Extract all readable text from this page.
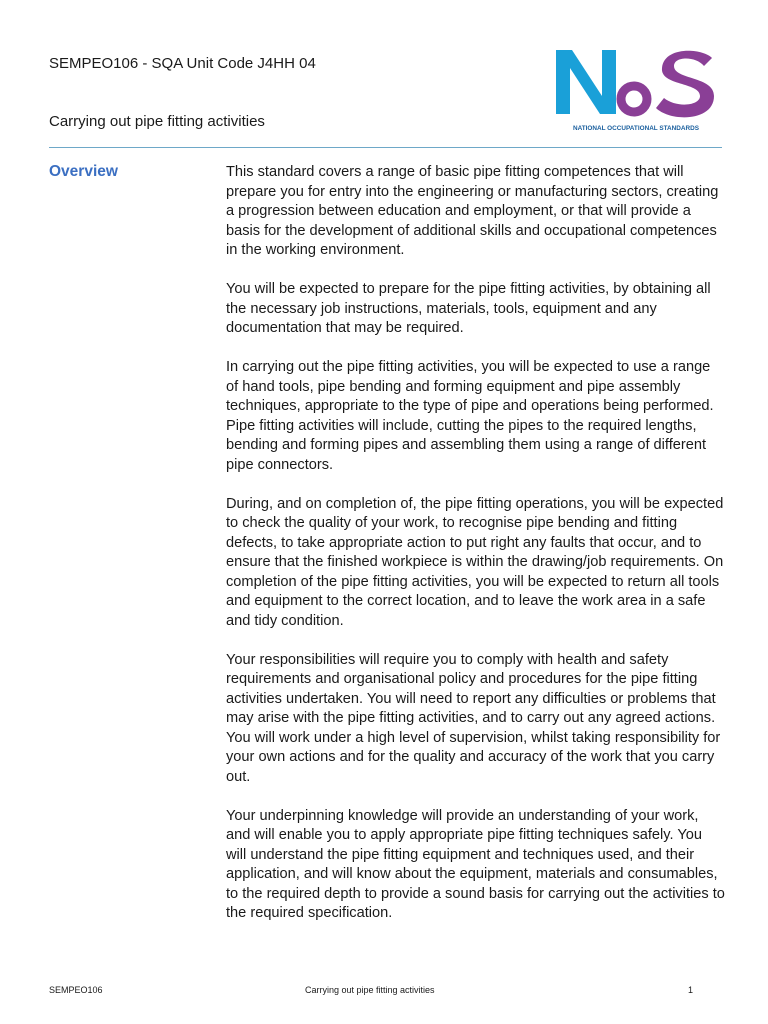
SEMPEO106 - SQA Unit Code J4HH 04
Carrying out pipe fitting activities	NATIONAL OCCUPATIONAL STANDARDS
Overview	This standard covers a range of basic pipe fitting competences that will prepare you for entry into the engineering or manufacturing sectors, creating a progression between education and employment, or that will provide a basis for the development of additional skills and occupational competences in the working environment.

You will be expected to prepare for the pipe fitting activities, by obtaining all the necessary job instructions, materials, tools, equipment and any documentation that may be required.

In carrying out the pipe fitting activities, you will be expected to use a range of hand tools, pipe bending and forming equipment and pipe assembly techniques, appropriate to the type of pipe and operations being performed. Pipe fitting activities will include, cutting the pipes to the required lengths, bending and forming pipes and assembling them using a range of different pipe connectors.

During, and on completion of, the pipe fitting operations, you will be expected to check the quality of your work, to recognise pipe bending and fitting defects, to take appropriate action to put right any faults that occur, and to ensure that the finished workpiece is within the drawing/job requirements. On completion of the pipe fitting activities, you will be expected to return all tools and equipment to the correct location, and to leave the work area in a safe and tidy condition.

Your responsibilities will require you to comply with health and safety requirements and organisational policy and procedures for the pipe fitting activities undertaken. You will need to report any difficulties or problems that may arise with the pipe fitting activities, and to carry out any agreed actions. You will work under a high level of supervision, whilst taking responsibility for your own actions and for the quality and accuracy of the work that you carry out.

Your underpinning knowledge will provide an understanding of your work, and will enable you to apply appropriate pipe fitting techniques safely. You will understand the pipe fitting equipment and techniques used, and their application, and will know about the equipment, materials and consumables, to the required depth to provide a sound basis for carrying out the activities to the required specification.

SEMPEO106	Carrying out pipe fitting activities	1
